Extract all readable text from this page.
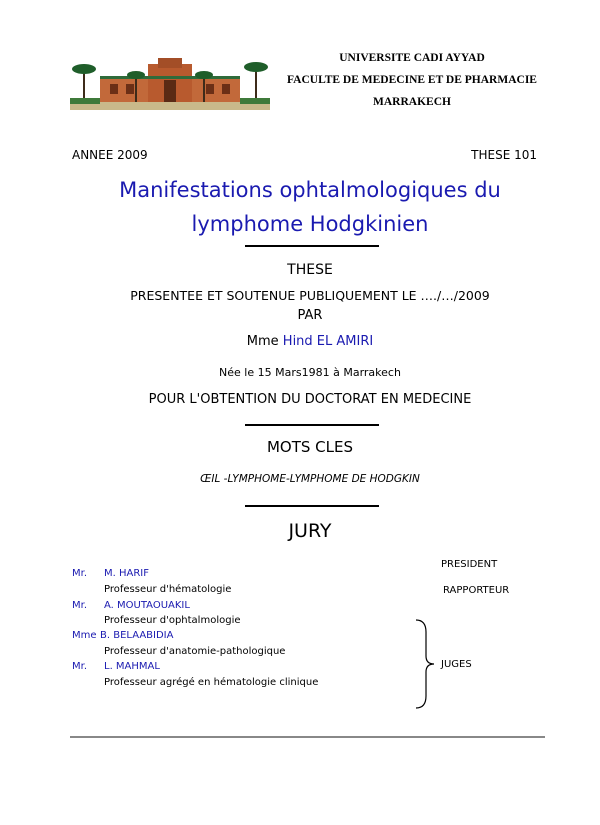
UNIVERSITE CADI AYYAD
FACULTE DE MEDECINE ET DE PHARMACIE
MARRAKECH
ANNEE 2009	THESE 101
Manifestations ophtalmologiques du
lymphome Hodgkinien
THESE
PRESENTEE ET SOUTENUE PUBLIQUEMENT LE …./…/2009
PAR
Mme Hind EL AMIRI
Née le 15 Mars1981 à Marrakech
POUR L'OBTENTION DU DOCTORAT EN MEDECINE
MOTS CLES
ŒIL -LYMPHOME-LYMPHOME DE HODGKIN
JURY
Mr. M. HARIF
Professeur d'hématologie
Mr. A. MOUTAOUAKIL
Professeur d'ophtalmologie
Mme B. BELAABIDIA
Professeur d'anatomie-pathologique
Mr. L. MAHMAL
Professeur agrégé en hématologie clinique
PRESIDENT
RAPPORTEUR
JUGES
